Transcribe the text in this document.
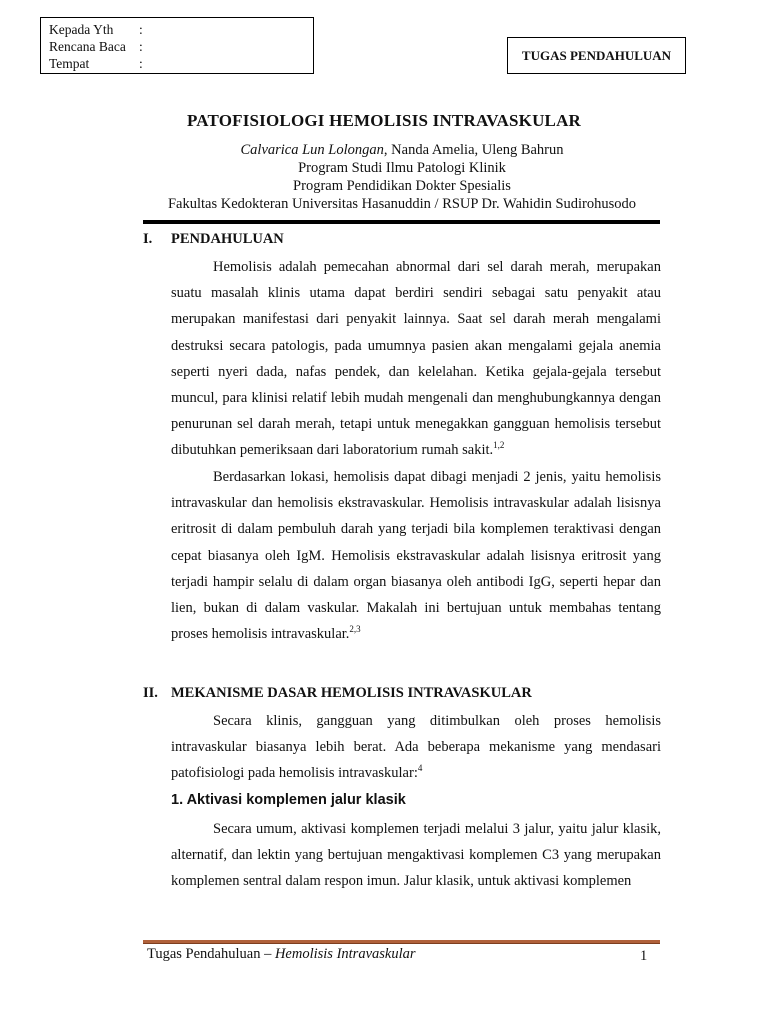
Kepada Yth	:
Rencana Baca :
Tempat	:
TUGAS PENDAHULUAN
PATOFISIOLOGI HEMOLISIS INTRAVASKULAR
Calvarica Lun Lolongan, Nanda Amelia, Uleng Bahrun
Program Studi Ilmu Patologi Klinik
Program Pendidikan Dokter Spesialis
Fakultas Kedokteran Universitas Hasanuddin / RSUP Dr. Wahidin Sudirohusodo
I. PENDAHULUAN

Hemolisis adalah pemecahan abnormal dari sel darah merah, merupakan suatu masalah klinis utama dapat berdiri sendiri sebagai satu penyakit atau merupakan manifestasi dari penyakit lainnya. Saat sel darah merah mengalami destruksi secara patologis, pada umumnya pasien akan mengalami gejala anemia seperti nyeri dada, nafas pendek, dan kelelahan. Ketika gejala-gejala tersebut muncul, para klinisi relatif lebih mudah mengenali dan menghubungkannya dengan penurunan sel darah merah, tetapi untuk menegakkan gangguan hemolisis tersebut dibutuhkan pemeriksaan dari laboratorium rumah sakit.$^{1,2}$

Berdasarkan lokasi, hemolisis dapat dibagi menjadi 2 jenis, yaitu hemolisis intravaskular dan hemolisis ekstravaskular. Hemolisis intravaskular adalah lisisnya eritrosit di dalam pembuluh darah yang terjadi bila komplemen teraktivasi dengan cepat biasanya oleh IgM. Hemolisis ekstravaskular adalah lisisnya eritrosit yang terjadi hampir selalu di dalam organ biasanya oleh antibodi IgG, seperti hepar dan lien, bukan di dalam vaskular. Makalah ini bertujuan untuk membahas tentang proses hemolisis intravaskular.$^{2,3}$

II. MEKANISME DASAR HEMOLISIS INTRAVASKULAR

Secara klinis, gangguan yang ditimbulkan oleh proses hemolisis intravaskular biasanya lebih berat. Ada beberapa mekanisme yang mendasari patofisiologi pada hemolisis intravaskular:$^4$

1. Aktivasi komplemen jalur klasik

Secara umum, aktivasi komplemen terjadi melalui 3 jalur, yaitu jalur klasik, alternatif, dan lektin yang bertujuan mengaktivasi komplemen C3 yang merupakan komplemen sentral dalam respon imun. Jalur klasik, untuk aktivasi komplemen

Tugas Pendahuluan – Hemolisis Intravaskular	1
